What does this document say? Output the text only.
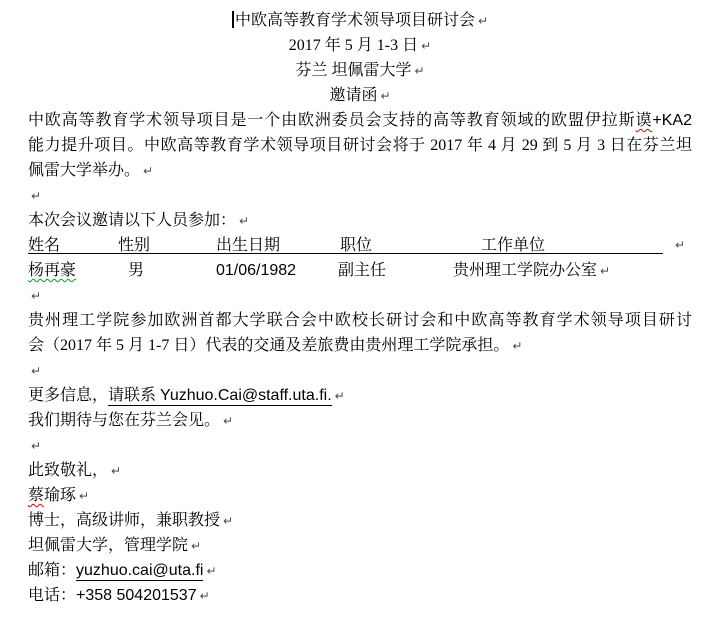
中欧高等教育学术领导项目研讨会 ↵
2017 年 5 月 1-3 日 ↵
芬兰 坦佩雷大学 ↵
邀请函 ↵
中欧高等教育学术领导项目是一个由欧洲委员会支持的高等教育领域的欧盟伊拉斯谟+KA2
能力提升项目。中欧高等教育学术领导项目研讨会将于 2017 年 4 月 29 到 5 月 3 日在芬兰坦
佩雷大学举办。 ↵
↵
本次会议邀请以下人员参加： ↵
姓名	性别	出生日期	职位	工作单位	↵
杨再豪	男	01/06/1982	副主任	贵州理工学院办公室 ↵
↵
贵州理工学院参加欧洲首都大学联合会中欧校长研讨会和中欧高等教育学术领导项目研讨
会（2017 年 5 月 1-7 日）代表的交通及差旅费由贵州理工学院承担。 ↵
↵
更多信息，请联系 Yuzhuo.Cai@staff.uta.fi. ↵
我们期待与您在芬兰会见。 ↵
↵
此致敬礼， ↵
蔡瑜琢 ↵
博士，高级讲师，兼职教授 ↵
坦佩雷大学，管理学院 ↵
邮箱：yuzhuo.cai@uta.fi ↵
电话：+358 504201537 ↵
